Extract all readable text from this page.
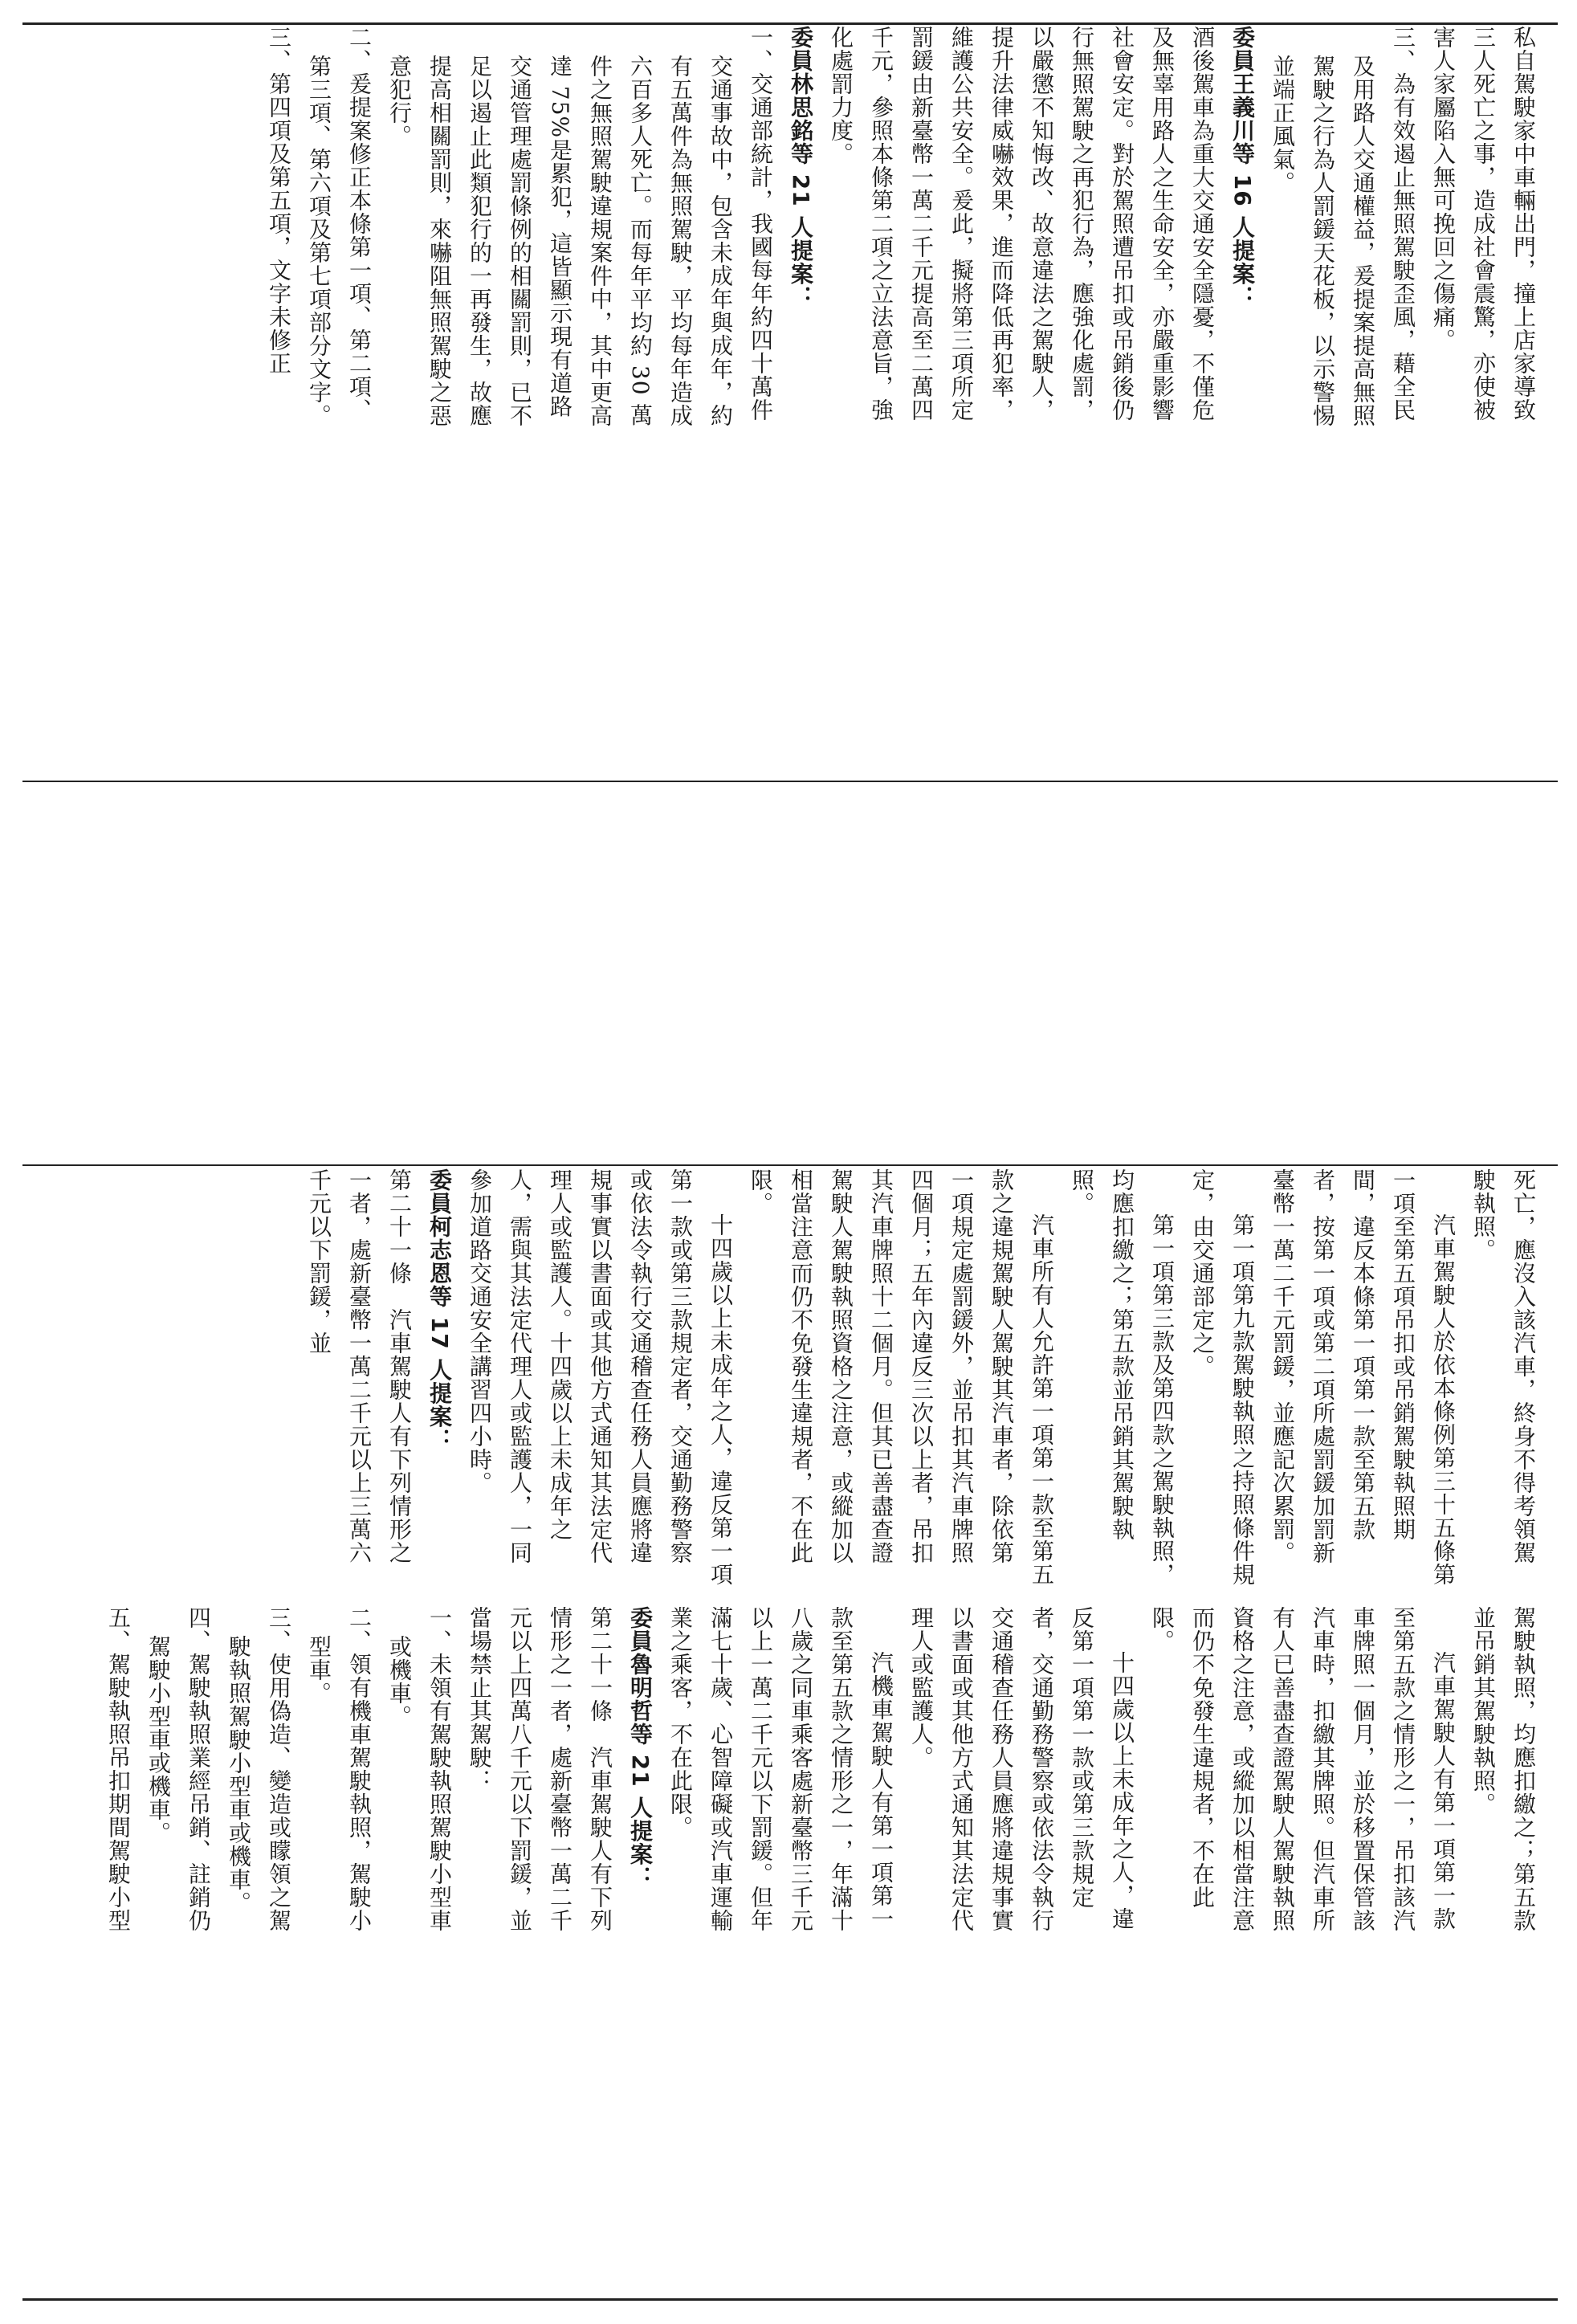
私自駕駛家中車輛出門，撞上店家導致三人死亡之事，造成社會震驚，亦使被害人家屬陷入無可挽回之傷痛。

三、為有效遏止無照駕駛歪風，藉全民及用路人交通權益，爰提案提高無照駕駛之行為人罰鍰天花板，以示警惕並端正風氣。

委員王義川等 16 人提案：

酒後駕車為重大交通安全隱憂，不僅危及無辜用路人之生命安全，亦嚴重影響社會安定。對於駕照遭吊扣或吊銷後仍行無照駕駛之再犯行為，應強化處罰，以嚴懲不知悔改、故意違法之駕駛人，提升法律威嚇效果，進而降低再犯率，維護公共安全。爰此，擬將第三項所定罰鍰由新臺幣一萬二千元提高至二萬四千元，參照本條第二項之立法意旨，強化處罰力度。

委員林思銘等 21 人提案：

一、交通部統計，我國每年約四十萬件交通事故中，包含未成年與成年，約有五萬件為無照駕駛，平均每年造成六百多人死亡。而每年平均約 30 萬件之無照駕駛違規案件中，其中更高達 75%是累犯，這皆顯示現有道路交通管理處罰條例的相關罰則，已不足以遏止此類犯行的一再發生，故應提高相關罰則，來嚇阻無照駕駛之惡意犯行。

二、爰提案修正本條第一項、第二項、第三項、第六項及第七項部分文字。

三、第四項及第五項，文字未修正

死亡，應沒入該汽車，終身不得考領駕駛執照。

汽車駕駛人於依本條例第三十五條第一項至第五項吊扣或吊銷駕駛執照期間，違反本條第一項第一款至第五款者，按第一項或第二項所處罰鍰加罰新臺幣一萬二千元罰鍰，並應記次累罰。

第一項第九款駕駛執照之持照條件規定，由交通部定之。

第一項第三款及第四款之駕駛執照，均應扣繳之；第五款並吊銷其駕駛執照。

汽車所有人允許第一項第一款至第五款之違規駕駛人駕駛其汽車者，除依第一項規定處罰鍰外，並吊扣其汽車牌照四個月；五年內違反三次以上者，吊扣其汽車牌照十二個月。但其已善盡查證駕駛人駕駛執照資格之注意，或縱加以相當注意而仍不免發生違規者，不在此限。

十四歲以上未成年之人，違反第一項第一款或第三款規定者，交通勤務警察或依法令執行交通稽查任務人員應將違規事實以書面或其他方式通知其法定代理人或監護人。十四歲以上未成年之人，需與其法定代理人或監護人，一同參加道路交通安全講習四小時。

委員柯志恩等 17 人提案：

第二十一條　汽車駕駛人有下列情形之一者，處新臺幣一萬二千元以上三萬六千元以下罰鍰，並

駕駛執照，均應扣繳之；第五款並吊銷其駕駛執照。

汽車駕駛人有第一項第一款至第五款之情形之一，吊扣該汽車牌照一個月，並於移置保管該汽車時，扣繳其牌照。但汽車所有人已善盡查證駕駛人駕駛執照資格之注意，或縱加以相當注意而仍不免發生違規者，不在此限。

十四歲以上未成年之人，違反第一項第一款或第三款規定者，交通勤務警察或依法令執行交通稽查任務人員應將違規事實以書面或其他方式通知其法定代理人或監護人。

汽機車駕駛人有第一項第一款至第五款之情形之一，年滿十八歲之同車乘客處新臺幣三千元以上一萬二千元以下罰鍰。但年滿七十歲、心智障礙或汽車運輸業之乘客，不在此限。

委員魯明哲等 21 人提案：

第二十一條　汽車駕駛人有下列情形之一者，處新臺幣一萬二千元以上四萬八千元以下罰鍰，並當場禁止其駕駛：

一、未領有駕駛執照駕駛小型車或機車。

二、領有機車駕駛執照，駕駛小型車。

三、使用偽造、變造或矇領之駕駛執照駕駛小型車或機車。

四、駕駛執照業經吊銷、註銷仍駕駛小型車或機車。

五、駕駛執照吊扣期間駕駛小型
